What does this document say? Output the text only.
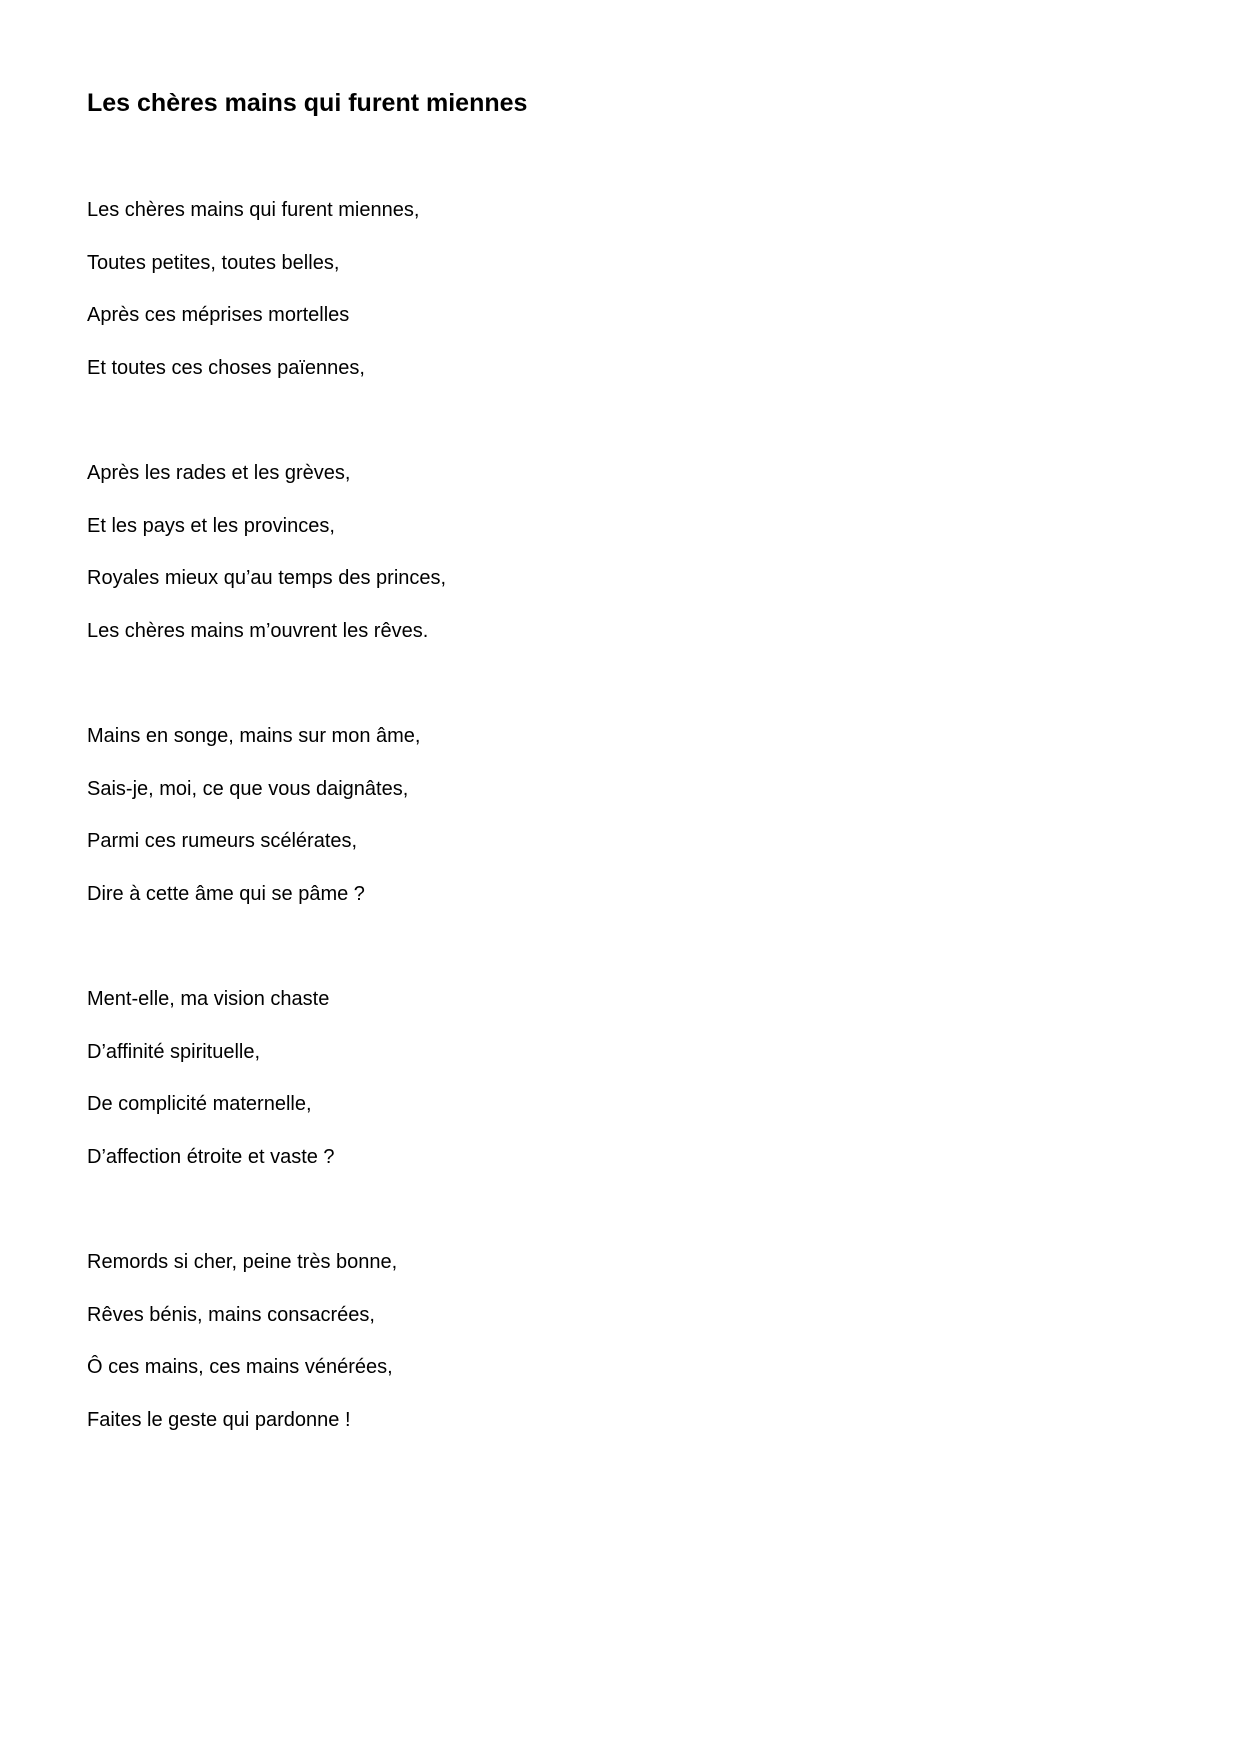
Les chères mains qui furent miennes
Les chères mains qui furent miennes,
Toutes petites, toutes belles,
Après ces méprises mortelles
Et toutes ces choses païennes,
Après les rades et les grèves,
Et les pays et les provinces,
Royales mieux qu’au temps des princes,
Les chères mains m’ouvrent les rêves.
Mains en songe, mains sur mon âme,
Sais-je, moi, ce que vous daignâtes,
Parmi ces rumeurs scélérates,
Dire à cette âme qui se pâme ?
Ment-elle, ma vision chaste
D’affinité spirituelle,
De complicité maternelle,
D’affection étroite et vaste ?
Remords si cher, peine très bonne,
Rêves bénis, mains consacrées,
Ô ces mains, ces mains vénérées,
Faites le geste qui pardonne !
